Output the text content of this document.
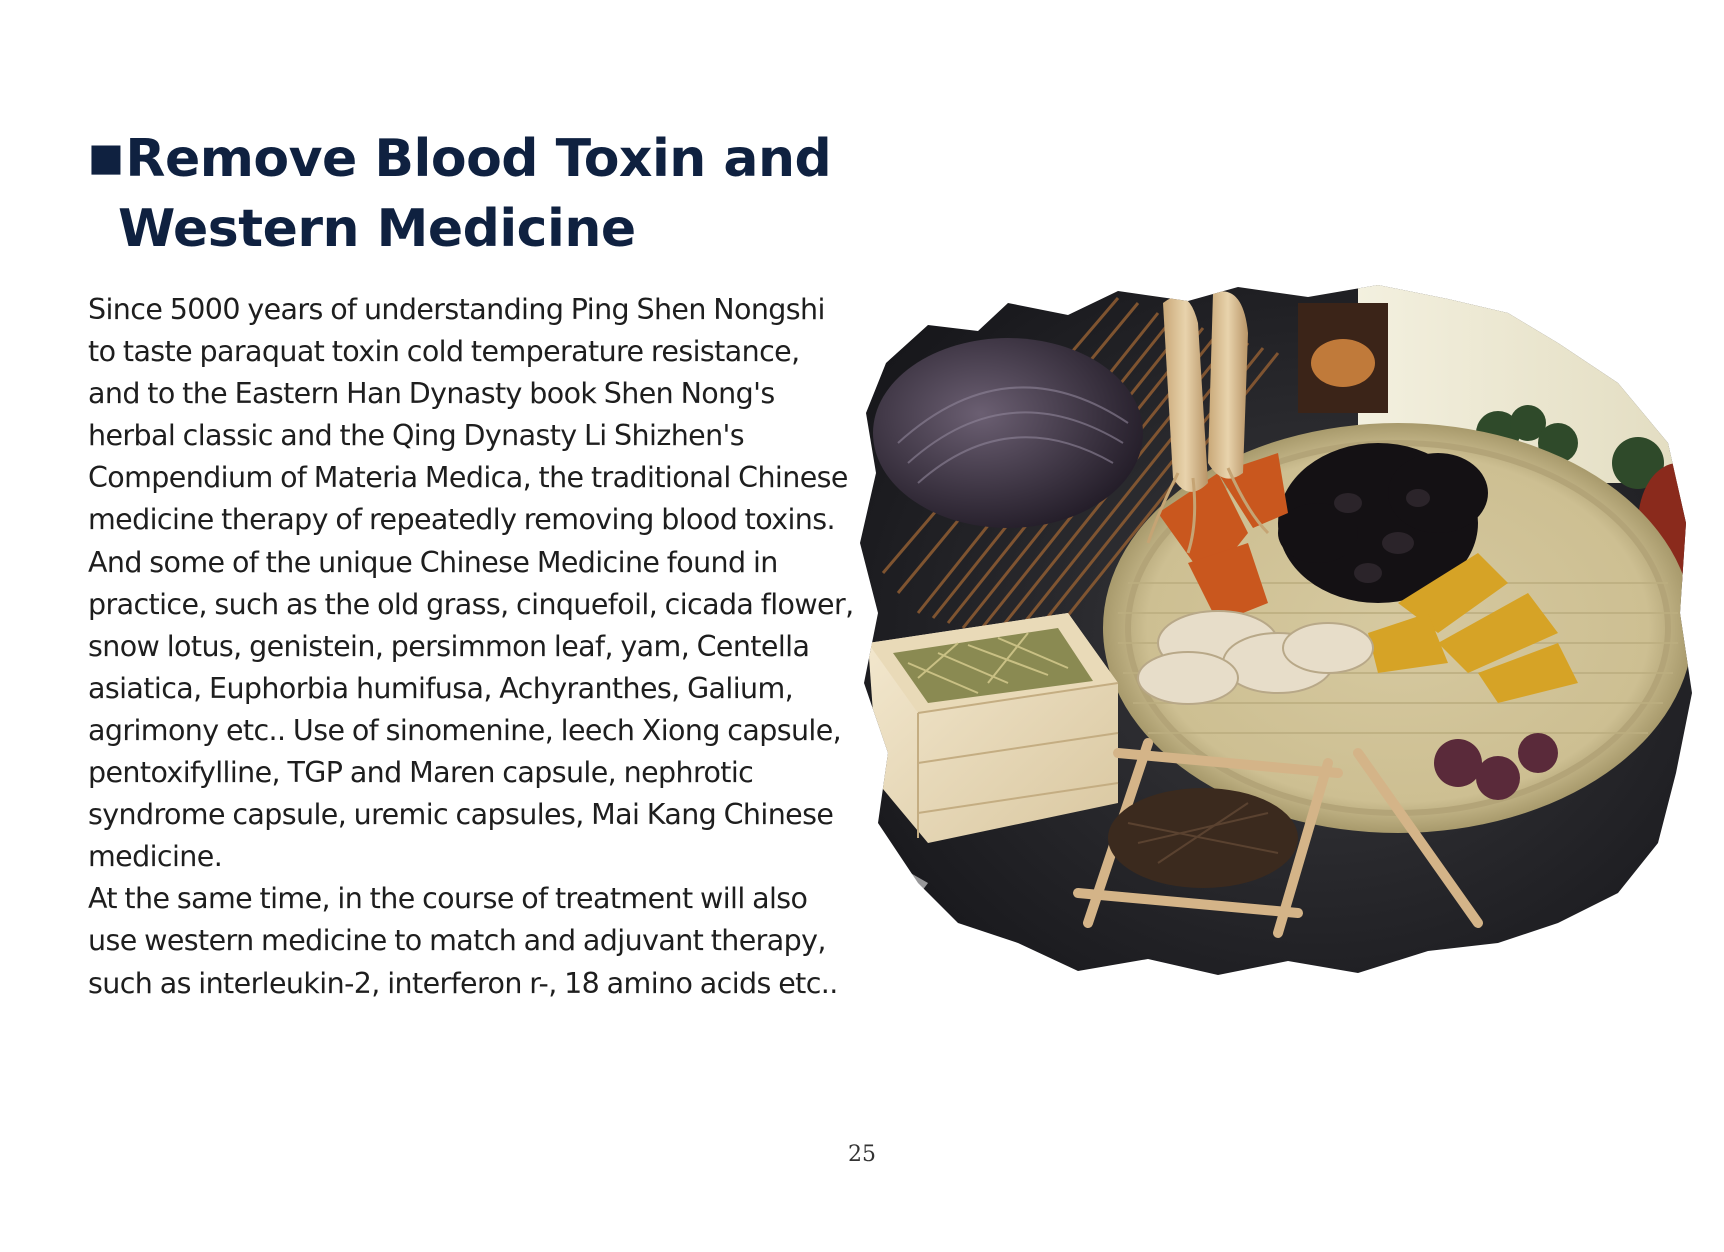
■Remove Blood Toxin and
Western Medicine

Since 5000 years of understanding Ping Shen Nongshi to taste paraquat toxin cold temperature resistance, and to the Eastern Han Dynasty book Shen Nong's herbal classic and the Qing Dynasty Li Shizhen's Compendium of Materia Medica, the traditional Chinese medicine therapy of repeatedly removing blood toxins. And some of the unique Chinese Medicine found in practice, such as the old grass, cinquefoil, cicada flower, snow lotus, genistein, persimmon leaf, yam, Centella asiatica, Euphorbia humifusa, Achyranthes, Galium, agrimony etc.. Use of sinomenine, leech Xiong capsule, pentoxifylline, TGP and Maren capsule, nephrotic syndrome capsule, uremic capsules, Mai Kang Chinese medicine.

At the same time, in the course of treatment will also use western medicine to match and adjuvant therapy, such as interleukin-2, interferon r-, 18 amino acids etc..

25
